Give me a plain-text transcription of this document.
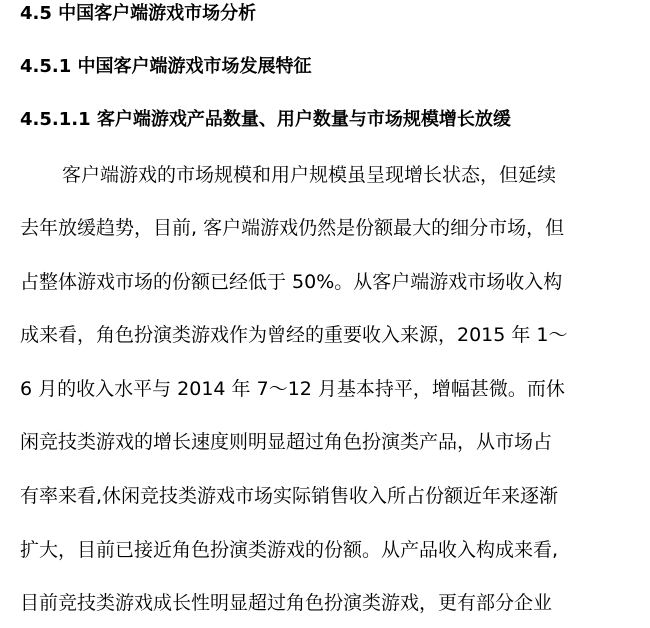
4.5 中国客户端游戏市场分析
4.5.1 中国客户端游戏市场发展特征
4.5.1.1 客户端游戏产品数量、用户数量与市场规模增长放缓
客户端游戏的市场规模和用户规模虽呈现增长状态，但延续
去年放缓趋势，目前, 客户端游戏仍然是份额最大的细分市场，但
占整体游戏市场的份额已经低于 50%。从客户端游戏市场收入构
成来看，角色扮演类游戏作为曾经的重要收入来源，2015 年 1～
6 月的收入水平与 2014 年 7～12 月基本持平，增幅甚微。而休
闲竞技类游戏的增长速度则明显超过角色扮演类产品，从市场占
有率来看,休闲竞技类游戏市场实际销售收入所占份额近年来逐渐
扩大，目前已接近角色扮演类游戏的份额。从产品收入构成来看,
目前竞技类游戏成长性明显超过角色扮演类游戏，更有部分企业
